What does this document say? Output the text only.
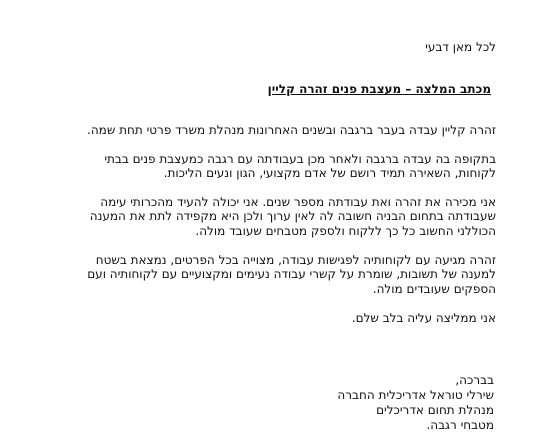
לכל מאן דבעי
מכתב המלצה – מעצבת פנים זהרה קליין
זהרה קליין עבדה בעבר ברגבה ובשנים האחרונות מנהלת משרד פרטי תחת שמה.
בתקופה בה עבדה ברגבה ולאחר מכן בעבודתה עם רגבה כמעצבת פנים בבתי
לקוחות, השאירה תמיד רושם של אדם מקצועי, הגון ונעים הליכות.
אני מכירה את זהרה ואת עבודתה מספר שנים. אני יכולה להעיד מהכרותי עימה
שעבודתה בתחום הבניה חשובה לה לאין ערוך ולכן היא מקפידה לתת את המענה
הכוללני החשוב כל כך ללקוח ולספק מטבחים שעובד מולה.
זהרה מגיעה עם לקוחותיה לפגישות עבודה, מצוייה בכל הפרטים, נמצאת בשטח
למענה של תשובות, שומרת על קשרי עבודה נעימים ומקצועיים עם לקוחותיה ועם
הספקים שעובדים מולה.
אני ממליצה עליה בלב שלם.
בברכה,
שירלי טוראל אדריכלית החברה
מנהלת תחום אדריכלים
מטבחי רגבה.
